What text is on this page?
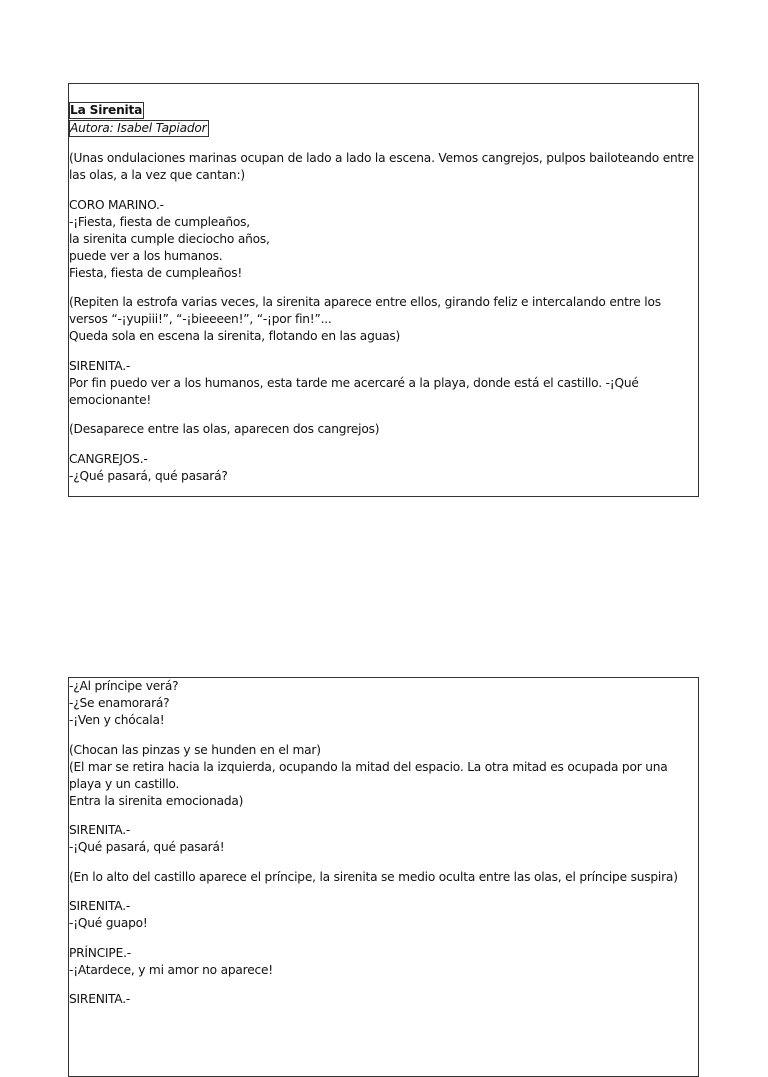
La Sirenita
Autora: Isabel Tapiador

(Unas ondulaciones marinas ocupan de lado a lado la escena. Vemos cangrejos, pulpos bailoteando entre las olas, a la vez que cantan:)

CORO MARINO.-
-¡Fiesta, fiesta de cumpleaños,
la sirenita cumple dieciocho años,
puede ver a los humanos.
Fiesta, fiesta de cumpleaños!

(Repiten la estrofa varias veces, la sirenita aparece entre ellos, girando feliz e intercalando entre los versos “-¡yupiii!”, “-¡bieeeen!”, “-¡por fin!”...
Queda sola en escena la sirenita, flotando en las aguas)

SIRENITA.-
Por fin puedo ver a los humanos, esta tarde me acercaré a la playa, donde está el castillo. -¡Qué emocionante!

(Desaparece entre las olas, aparecen dos cangrejos)

CANGREJOS.-
-¿Qué pasará, qué pasará?

-¿Al príncipe verá?
-¿Se enamorará?
-¡Ven y chócala!

(Chocan las pinzas y se hunden en el mar)
(El mar se retira hacia la izquierda, ocupando la mitad del espacio. La otra mitad es ocupada por una playa y un castillo.
Entra la sirenita emocionada)

SIRENITA.-
-¡Qué pasará, qué pasará!

(En lo alto del castillo aparece el príncipe, la sirenita se medio oculta entre las olas, el príncipe suspira)

SIRENITA.-
-¡Qué guapo!

PRÍNCIPE.-
-¡Atardece, y mi amor no aparece!

SIRENITA.-
